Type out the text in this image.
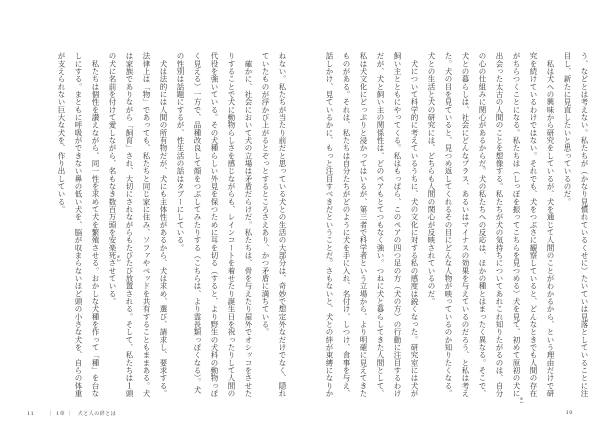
ねない。私たちが当たり前だと思っている犬との生活の大部分は、奇妙で想定外なだけでなく、隠れ
ていたものが浮かび上がるとぞっとするところさえあり、かつ矛盾に満ちている。
　確かに、社会において犬の立場は矛盾だらけだ。私たちは、骨を与えたり屋外でオシッコをさせた
りすることで犬に動物らしさを感じながらも、レインコートを着せたり誕生日を祝ったりして人間の
代役を強いている。その犬種らしい外見を保つために耳を切る（すると、より野生の犬科の動物っぽ
く見える）一方で、品種改良して顔をつぶしてみたりする（こちらは、より霊長類っぽくなる）。犬
の性別は話題にするが、性生活の話はタブーにしている。
　犬は法的には人間の所有物だが、犬にも主体性があるから、犬は求め、選び、請求し、要求する。
法律上は「物」であっても、私たちと同じ家に住み、ソファやベッドを共有することもままある。犬
は家族でありながら「飼育」され、大切にされながらもたびたび放置される。そして、私たちは１頭
の犬に名前を付けて愛しながら、名もなき数百万頭を安楽死させている。
　私たちは個性を讃えながら、同一性を求めて犬を繁殖させる。おかしな犬種を作って「種」を台な
しにする。まともに呼吸ができない鼻の低い犬を、脳が収まらないほど頭の小さな犬を、自らの体重
が支えられない巨大な犬を、作り出している。
※2
11	｜ 1章 ｜ 犬と人の絆とは
う、などとは考えない。私たちが（かなり見慣れているくせに）たいていは見落としていることに注
目し、新たに見直したいと思っているのだ。
　私は犬への興味から研究をしているが、犬を通じて人間のことがわかるから、という理由だけで研
究を続けているわけではない。それでも、犬をつぶさに観察していると、どんなときでも人間の存在
がちらつくことになる。私たちは（しっぽを振ってこちらを見つめる）犬を見て、初めて原初の犬に
出会った太古の人間のことを想像する。私たちが犬の気持ちについてあれこれ知りたがるのは、自分
の心の仕組みに関心があるからだ。犬の私たちへの反応は、ほかの種とはまったく異なる。そこで、
犬との暮らしは、社会にどんなプラス、あるいはマイナスの効果を与えているのだろう、と私は考え
た。犬の目を見ていると、見つめ返してくれるその目にどんな人物が映っているのか知りたくなる。
犬との生活と犬の研究には、どちらも人間の関心が反映されているのだ。
　犬について科学的に考えているうちに、犬の文化に対する私の感度は鋭くなった。研究室には犬が
飼い主とともにやってくる。私はもっぱら、このペアの四つ足の方（犬の方）の行動に注目するわけ
だが、犬と飼い主の関係性は、どのペアもとてつもなく強い。つねに犬と暮らしてきた人間として、
私は犬文化にどっぷりと浸かってはいるが、第三者で科学者という立場から、より明確に見えてきた
ものがある。それは、私たちは自分たちがどのように犬を手に入れ、名付け、しつけ、食事を与え、
話しかけ、見ているかに、もっと注目すべきだということだ。さもないと、犬との絆が束縛になりか
※1
10
